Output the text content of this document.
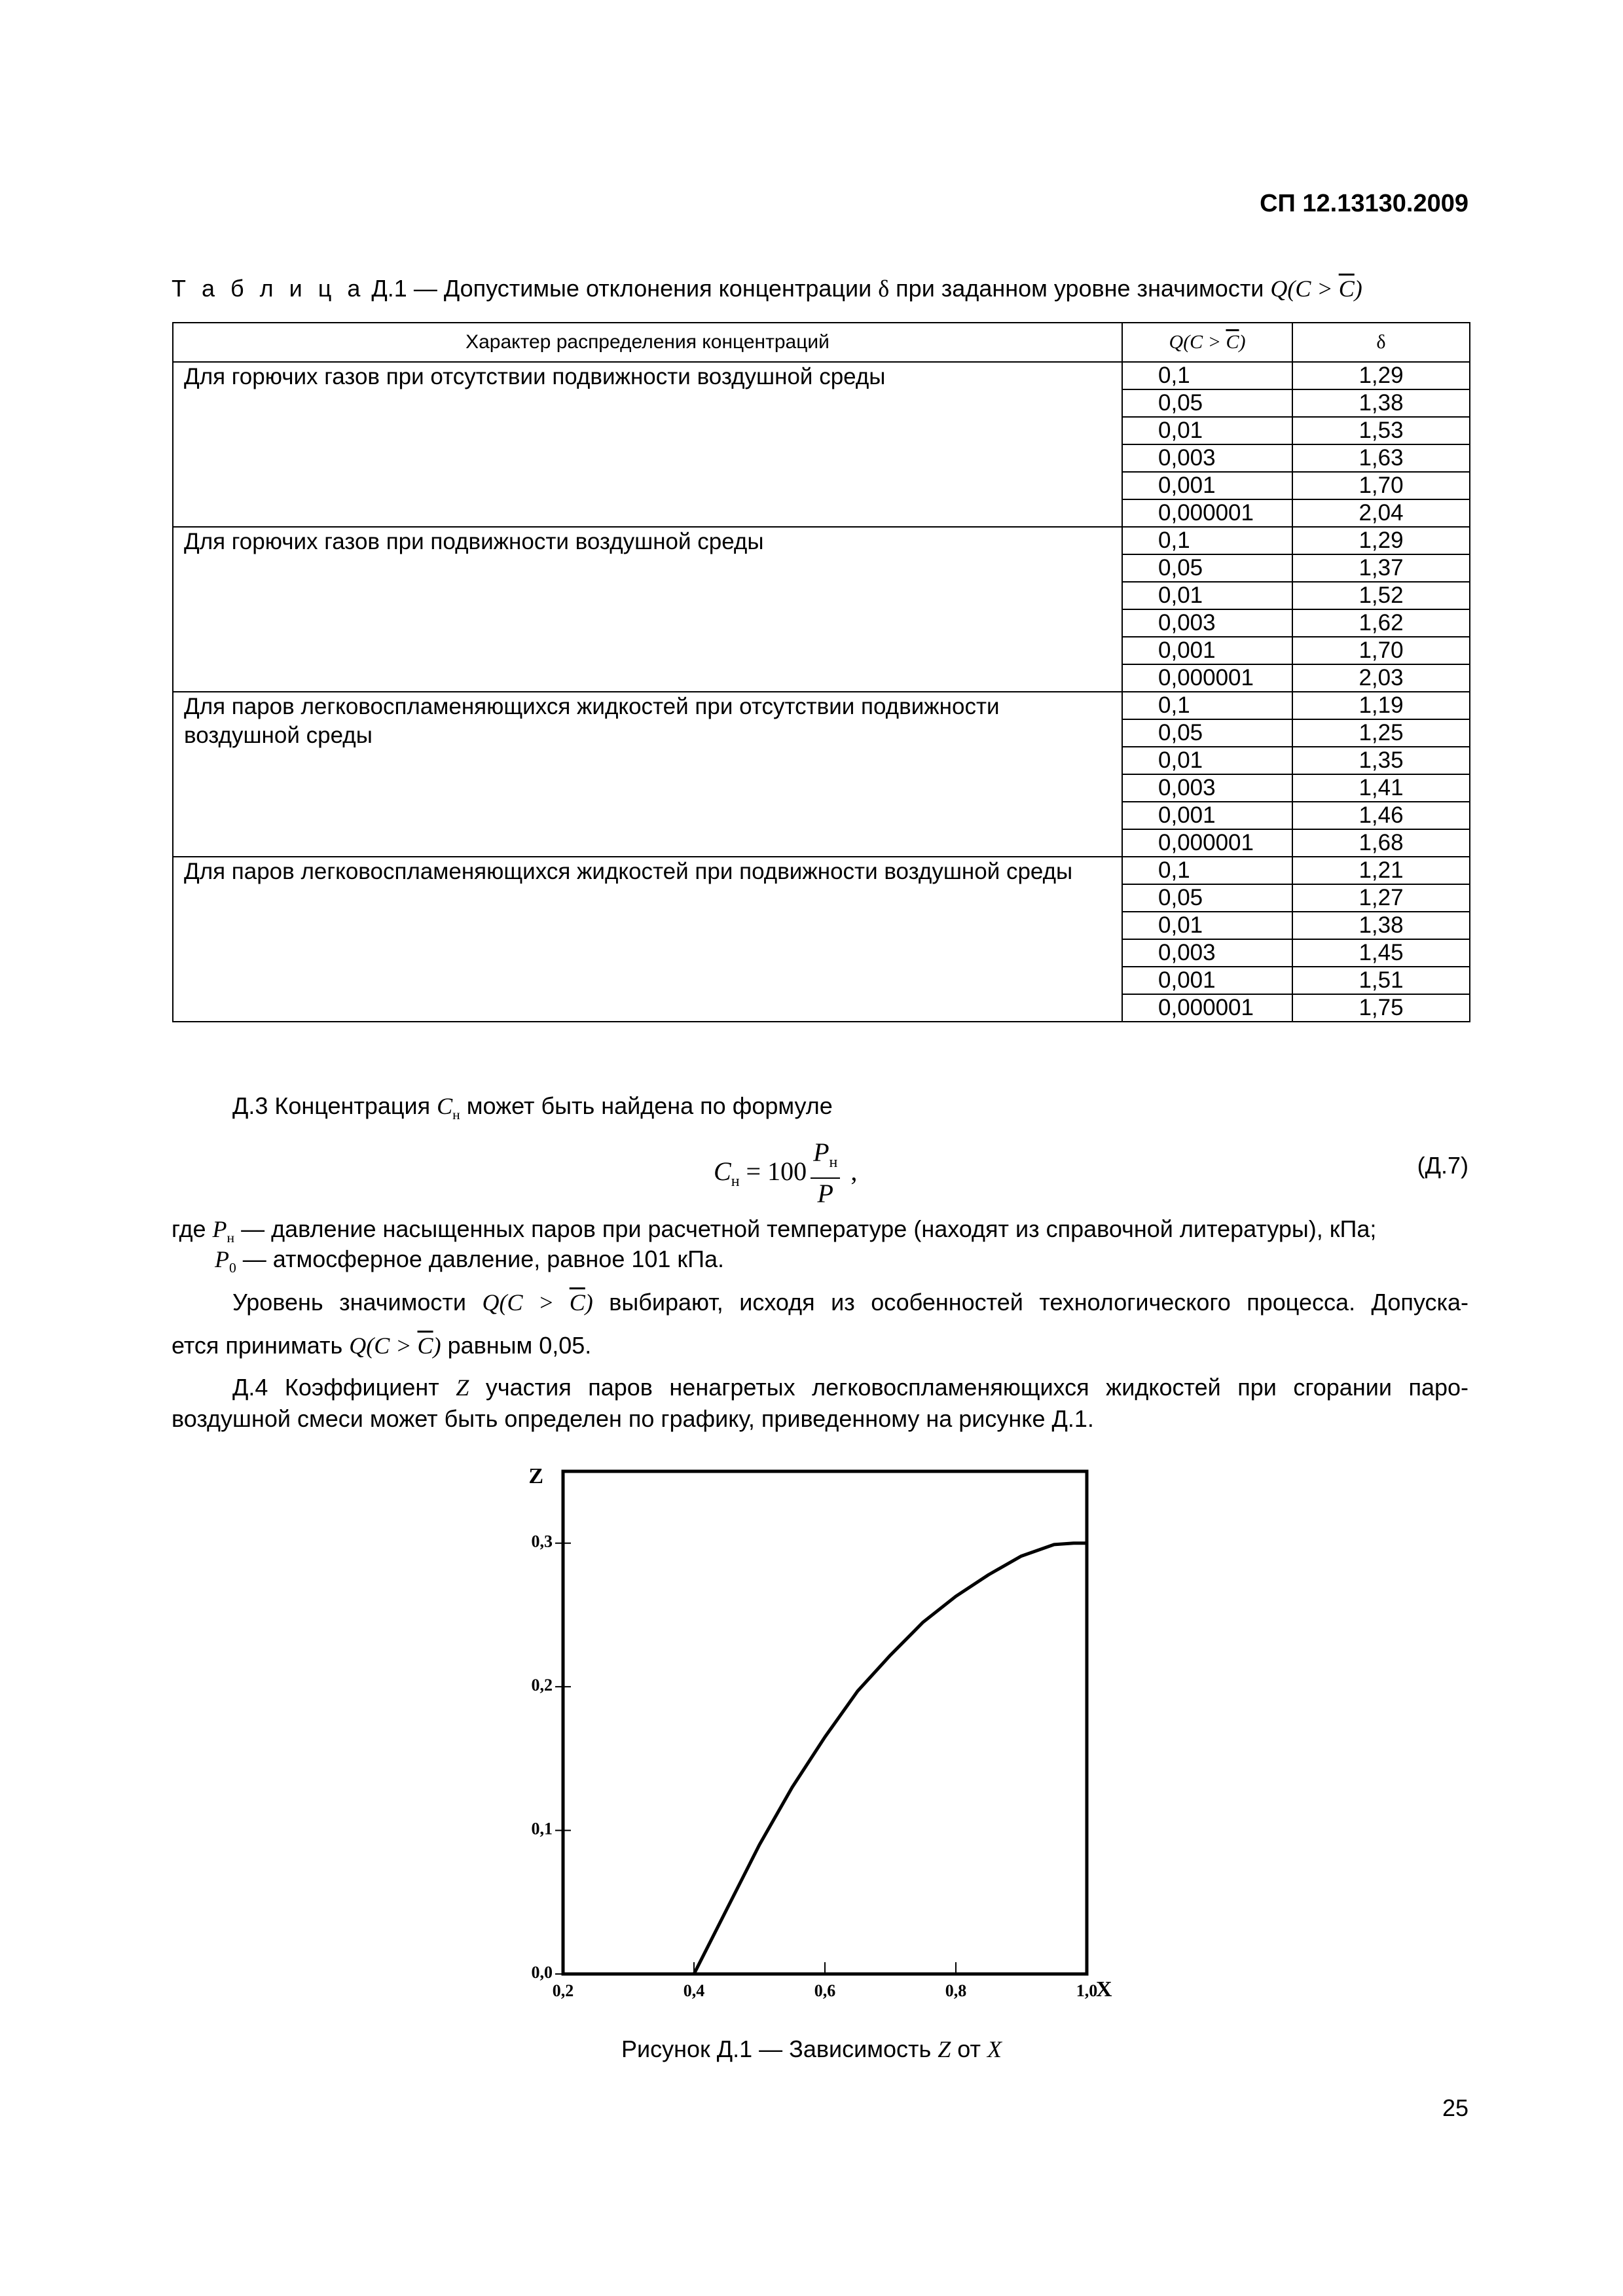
СП 12.13130.2009
Т а б л и ц а Д.1 — Допустимые отклонения концентрации δ при заданном уровне значимости $Q(C > \overline{C})$
Характер распределения концентраций	$Q(C > \overline{C})$	δ
Для горючих газов при отсутствии подвижности воздушной среды	0,1	1,29
	0,05	1,38
	0,01	1,53
	0,003	1,63
	0,001	1,70
	0,000001	2,04
Для горючих газов при подвижности воздушной среды	0,1	1,29
	0,05	1,37
	0,01	1,52
	0,003	1,62
	0,001	1,70
	0,000001	2,03
Для паров легковоспламеняющихся жидкостей при отсутствии подвижности воздушной среды	0,1	1,19
	0,05	1,25
	0,01	1,35
	0,003	1,41
	0,001	1,46
	0,000001	1,68
Для паров легковоспламеняющихся жидкостей при подвижности воздушной среды	0,1	1,21
	0,05	1,27
	0,01	1,38
	0,003	1,45
	0,001	1,51
	0,000001	1,75
Д.3 Концентрация $C_н$ может быть найдена по формуле
$C_н = 100 \frac{P_н}{P}$ ,	(Д.7)
где $P_н$ — давление насыщенных паров при расчетной температуре (находят из справочной литературы), кПа;
$P_0$ — атмосферное давление, равное 101 кПа.
Уровень значимости $Q(C > \overline{C})$ выбирают, исходя из особенностей технологического процесса. Допуска-
ется принимать $Q(C > \overline{C})$ равным 0,05.
Д.4 Коэффициент Z участия паров ненагретых легковоспламеняющихся жидкостей при сгорании паро-
воздушной смеси может быть определен по графику, приведенному на рисунке Д.1.
0,2	0,4	0,6	0,8	1,0
0,0
0,1
0,2
0,3
X
Z
Рисунок Д.1 — Зависимость Z от X
25
